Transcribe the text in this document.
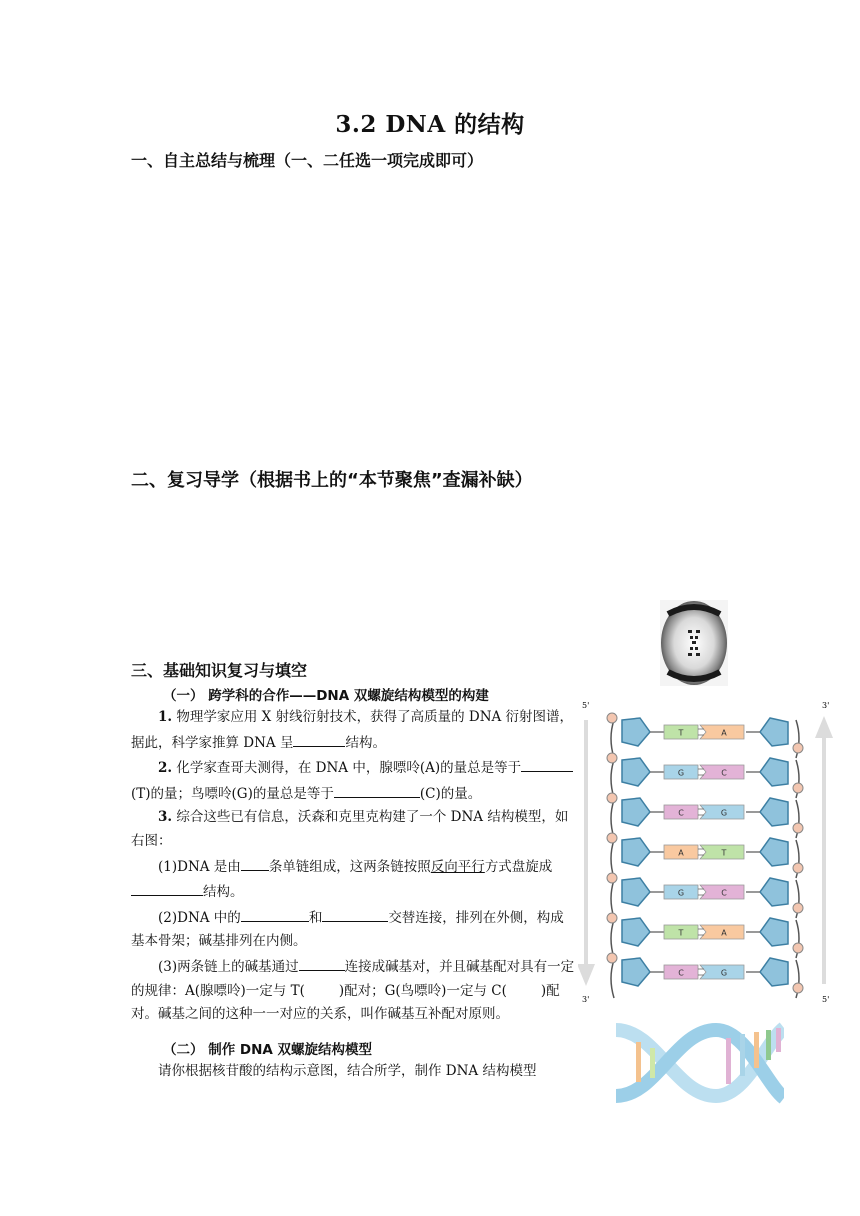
3.2 DNA 的结构
一、自主总结与梳理（一、二任选一项完成即可）
二、复习导学（根据书上的“本节聚焦”查漏补缺）
三、基础知识复习与填空
（一） 跨学科的合作——DNA 双螺旋结构模型的构建

1. 物理学家应用 X 射线衍射技术，获得了高质量的 DNA 衍射图谱，据此，科学家推算 DNA 呈	结构。

2. 化学家查哥夫测得，在 DNA 中，腺嘌呤(A)的量总是等于(T)的量；鸟嘌呤(G)的量总是等于	(C)的量。

3. 综合这些已有信息，沃森和克里克构建了一个 DNA 结构模型，如右图：

(1)DNA 是由 条单链组成，这两条链按照反向平行方式盘旋成结构。

(2)DNA 中的	和	交替连接，排列在外侧，构成基本骨架；碱基排列在内侧。

(3)两条链上的碱基通过	连接成碱基对，并且碱基配对具有一定的规律：A(腺嘌呤)一定与 T(	)配对；G(鸟嘌呤)一定与 C(	)配对。碱基之间的这种一一对应的关系，叫作碱基互补配对原则。

（二） 制作 DNA 双螺旋结构模型
请你根据核苷酸的结构示意图，结合所学，制作 DNA 结构模型
5'	3'
3'	5'
T	A
G	C
C	G
A	T
G	C
T	A
C	G
